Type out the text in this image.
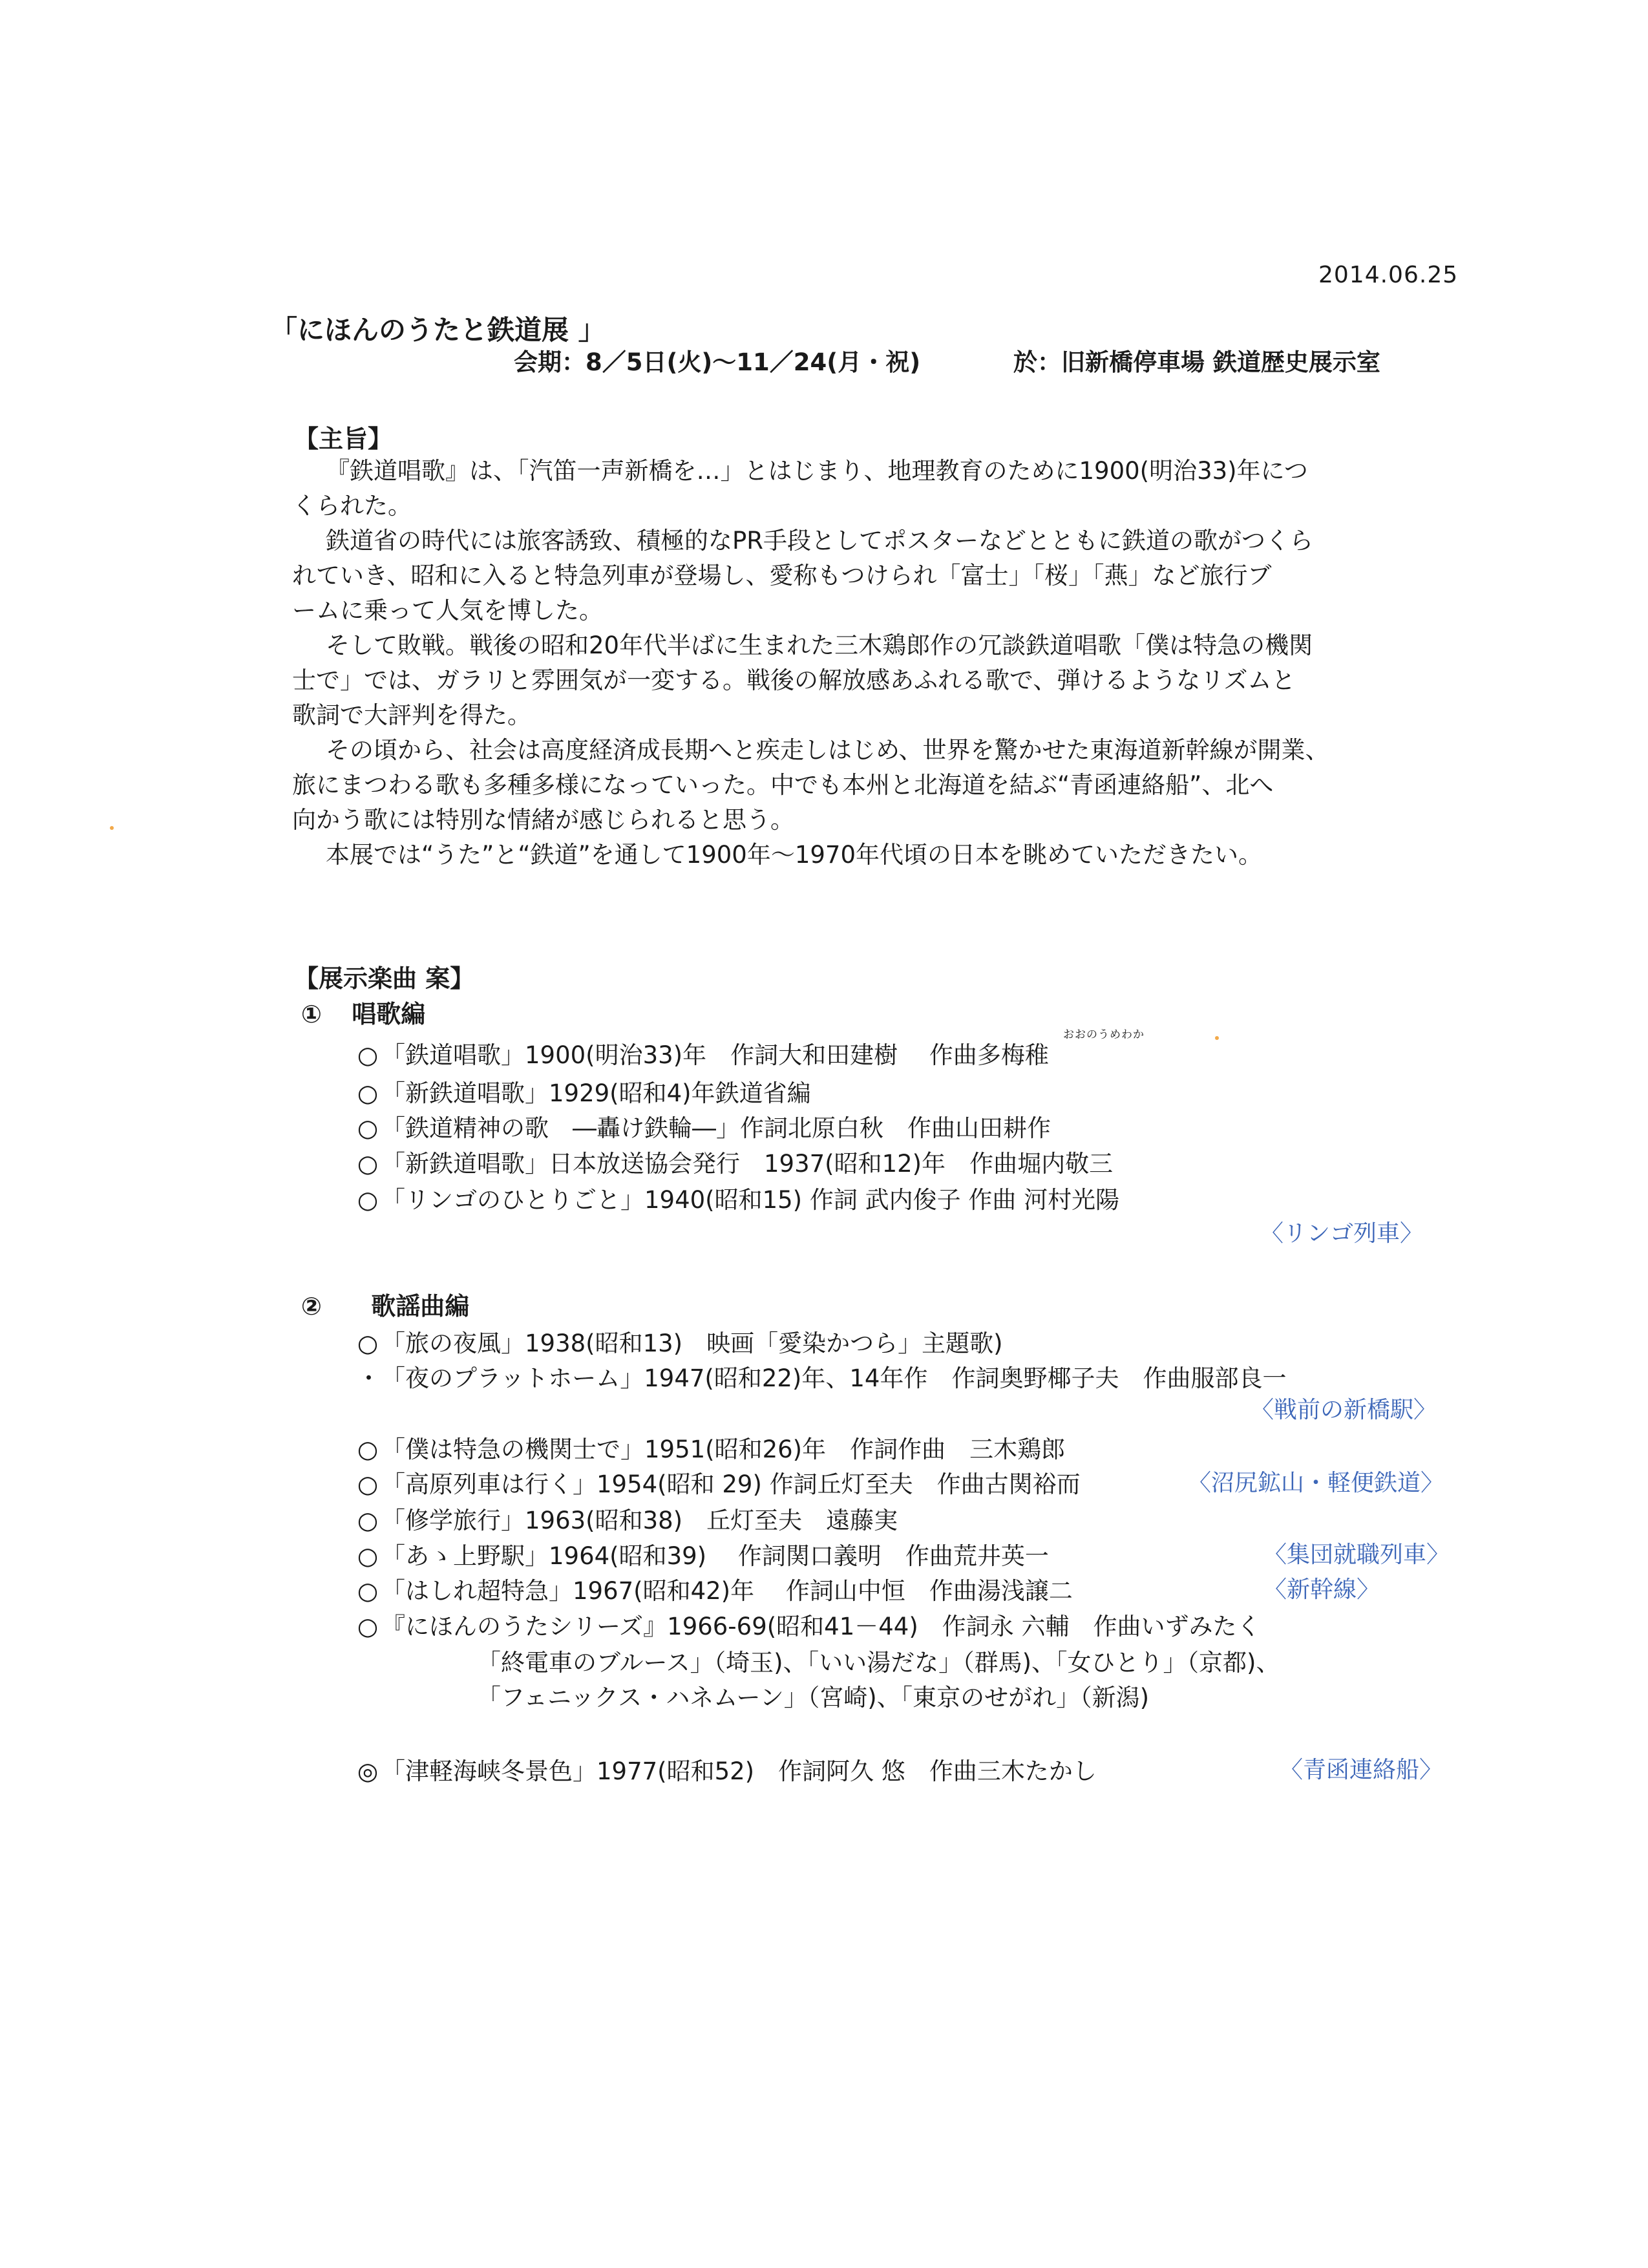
2014.06.25
「にほんのうたと鉄道展 」
会期：8／5日(火)～11／24(月・祝)	於：旧新橋停車場 鉄道歴史展示室
【主旨】
『鉄道唱歌』は、「汽笛一声新橋を…」とはじまり、地理教育のために1900(明治33)年につ
くられた。
鉄道省の時代には旅客誘致、積極的なPR手段としてポスターなどとともに鉄道の歌がつくら
れていき、昭和に入ると特急列車が登場し、愛称もつけられ「富士」「桜」「燕」など旅行ブ
ームに乗って人気を博した。
そして敗戦。戦後の昭和20年代半ばに生まれた三木鶏郎作の冗談鉄道唱歌「僕は特急の機関
士で」では、ガラリと雰囲気が一変する。戦後の解放感あふれる歌で、弾けるようなリズムと
歌詞で大評判を得た。
その頃から、社会は高度経済成長期へと疾走しはじめ、世界を驚かせた東海道新幹線が開業、
旅にまつわる歌も多種多様になっていった。中でも本州と北海道を結ぶ“青函連絡船”、北へ
向かう歌には特別な情緒が感じられると思う。
本展では“うた”と“鉄道”を通して1900年～1970年代頃の日本を眺めていただきたい。
【展示楽曲 案】
① 唱歌編
おおのうめわか
○ 「鉄道唱歌」1900(明治33)年　作詞大和田建樹　 作曲多梅稚
○ 「新鉄道唱歌」1929(昭和4)年鉄道省編
○ 「鉄道精神の歌　―轟け鉄輪―」作詞北原白秋　作曲山田耕作
○ 「新鉄道唱歌」日本放送協会発行　1937(昭和12)年　作曲堀内敬三
○ 「リンゴのひとりごと」1940(昭和15) 作詞 武内俊子 作曲 河村光陽
〈リンゴ列車〉
② 歌謡曲編
○ 「旅の夜風」1938(昭和13)　映画「愛染かつら」主題歌)
・「夜のプラットホーム」1947(昭和22)年、14年作　作詞奥野椰子夫　作曲服部良一
〈戦前の新橋駅〉
○ 「僕は特急の機関士で」1951(昭和26)年　作詞作曲　三木鶏郎
○ 「高原列車は行く」1954(昭和 29) 作詞丘灯至夫　作曲古関裕而	〈沼尻鉱山・軽便鉄道〉
○ 「修学旅行」1963(昭和38)　丘灯至夫　遠藤実
○ 「あゝ上野駅」1964(昭和39)　 作詞関口義明　作曲荒井英一	〈集団就職列車〉
○ 「はしれ超特急」1967(昭和42)年　 作詞山中恒　作曲湯浅譲二	〈新幹線〉
○ 『にほんのうたシリーズ』1966-69(昭和41－44)　作詞永 六輔　作曲いずみたく
「終電車のブルース」（埼玉)、「いい湯だな」（群馬)、「女ひとり」（京都)、
「フェニックス・ハネムーン」（宮崎)、「東京のせがれ」（新潟)
◎ 「津軽海峡冬景色」1977(昭和52)　作詞阿久 悠　作曲三木たかし	〈青函連絡船〉
